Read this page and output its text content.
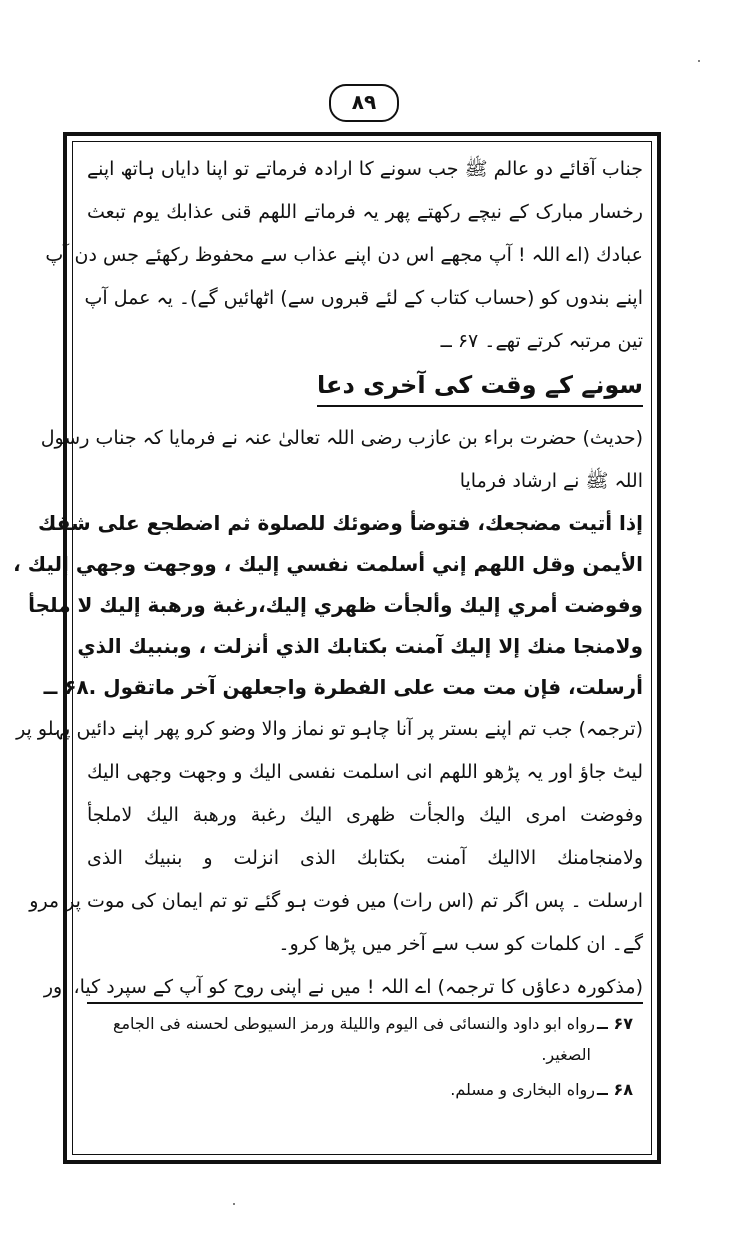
۸۹
جناب آقائے دو عالم ﷺ جب سونے کا ارادہ فرماتے تو اپنا دایاں ہاتھ اپنے
رخسار مبارک کے نیچے رکھتے پھر یہ فرماتے اللھم قنی عذابك یوم تبعث
عبادك (اے اللہ ! آپ مجھے اس دن اپنے عذاب سے محفوظ رکھئے جس دن آپ
اپنے بندوں کو (حساب کتاب کے لئے قبروں سے) اٹھائیں گے)۔ یہ عمل آپ
تین مرتبہ کرتے تھے۔ ۶۷ ــ
سونے کے وقت کی آخری دعا
(حدیث) حضرت براء بن عازب رضی اللہ تعالیٰ عنہ نے فرمایا کہ جناب رسول
اللہ ﷺ نے ارشاد فرمایا
إذا أتيت مضجعك، فتوضأ وضوئك للصلوة ثم اضطجع على شقك
الأيمن وقل اللهم إني أسلمت نفسي إليك ، ووجهت وجهي إليك ،
وفوضت أمري إليك وألجأت ظهري إليك،رغبة ورهبة إليك لا ملجأ
ولامنجا منك إلا إليك آمنت بكتابك الذي أنزلت ، وبنبيك الذي
أرسلت، فإن مت مت على الفطرة واجعلهن آخر ماتقول .۶۸ ــ
(ترجمہ) جب تم اپنے بستر پر آنا چاہو تو نماز والا وضو کرو پھر اپنے دائیں پہلو پر
لیٹ جاؤ اور یہ پڑھو اللھم انی اسلمت نفسی الیك و وجھت وجھی الیك
وفوضت امری الیك والجأت ظھری الیك رغبة ورھبة الیك لاملجأ
ولامنجامنك الاالیك آمنت بكتابك الذی انزلت و بنبیك الذی
ارسلت ۔ پس اگر تم (اس رات) میں فوت ہو گئے تو تم ایمان کی موت پر مرو
گے۔ ان کلمات کو سب سے آخر میں پڑھا کرو۔
(مذکورہ دعاؤں کا ترجمہ) اے اللہ ! میں نے اپنی روح کو آپ کے سپرد کیا، اور
۶۷ ــرواه ابو داود والنسائی فی الیوم واللیلة ورمز السیوطی لحسنه فی الجامع
الصغیر.
۶۸ ــرواه البخاری و مسلم.
